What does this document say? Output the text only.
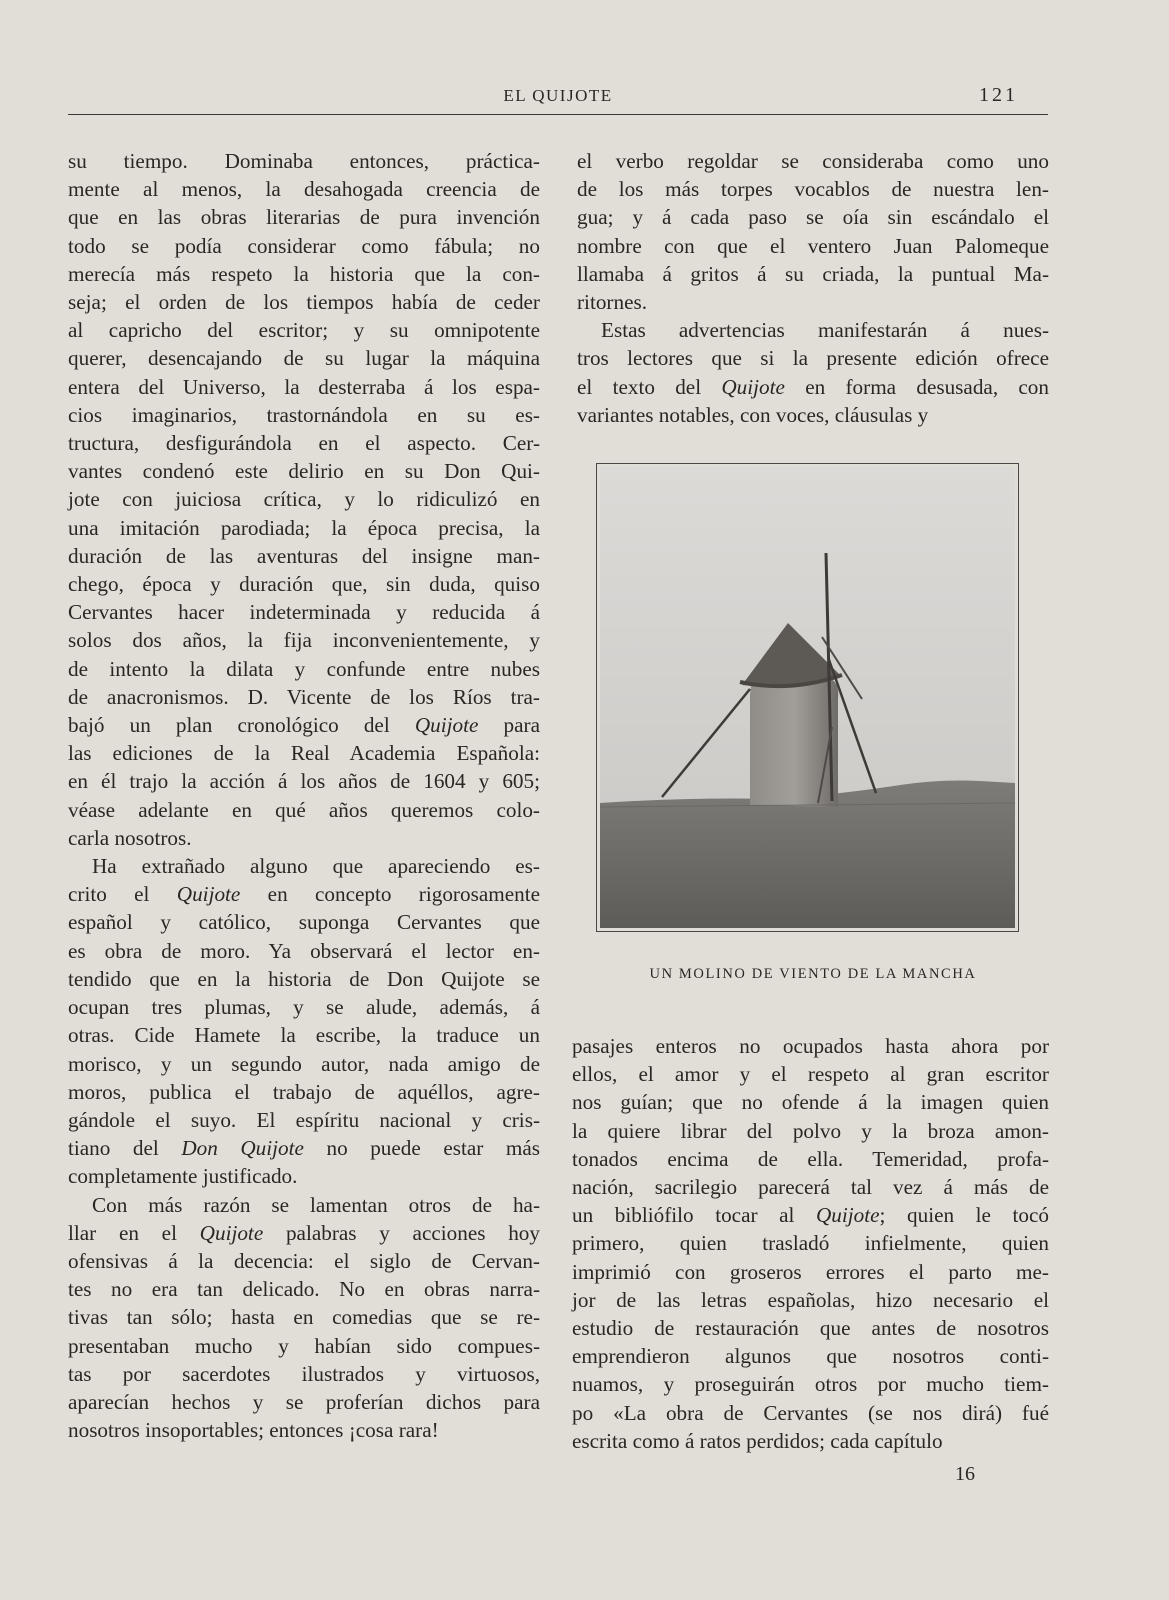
EL QUIJOTE	121

su tiempo. Dominaba entonces, práctica-
mente al menos, la desahogada creencia de
que en las obras literarias de pura invención
todo se podía considerar como fábula; no
merecía más respeto la historia que la con-
seja; el orden de los tiempos había de ceder
al capricho del escritor; y su omnipotente
querer, desencajando de su lugar la máquina
entera del Universo, la desterraba á los espa-
cios imaginarios, trastornándola en su es-
tructura, desfigurándola en el aspecto. Cer-
vantes condenó este delirio en su Don Qui-
jote con juiciosa crítica, y lo ridiculizó en
una imitación parodiada; la época precisa, la
duración de las aventuras del insigne man-
chego, época y duración que, sin duda, quiso
Cervantes hacer indeterminada y reducida á
solos dos años, la fija inconvenientemente, y
de intento la dilata y confunde entre nubes
de anacronismos. D. Vicente de los Ríos tra-
bajó un plan cronológico del Quijote para
las ediciones de la Real Academia Española:
en él trajo la acción á los años de 1604 y 605;
véase adelante en qué años queremos colo-
carla nosotros.

Ha extrañado alguno que apareciendo es-
crito el Quijote en concepto rigorosamente
español y católico, suponga Cervantes que
es obra de moro. Ya observará el lector en-
tendido que en la historia de Don Quijote se
ocupan tres plumas, y se alude, además, á
otras. Cide Hamete la escribe, la traduce un
morisco, y un segundo autor, nada amigo de
moros, publica el trabajo de aquéllos, agre-
gándole el suyo. El espíritu nacional y cris-
tiano del Don Quijote no puede estar más
completamente justificado.

Con más razón se lamentan otros de ha-
llar en el Quijote palabras y acciones hoy
ofensivas á la decencia: el siglo de Cervan-
tes no era tan delicado. No en obras narra-
tivas tan sólo; hasta en comedias que se re-
presentaban mucho y habían sido compues-
tas por sacerdotes ilustrados y virtuosos,
aparecían hechos y se proferían dichos para
nosotros insoportables; entonces ¡cosa rara!

el verbo regoldar se consideraba como uno
de los más torpes vocablos de nuestra len-
gua; y á cada paso se oía sin escándalo el
nombre con que el ventero Juan Palomeque
llamaba á gritos á su criada, la puntual Ma-
ritornes.

Estas advertencias manifestarán á nues-
tros lectores que si la presente edición ofrece
el texto del Quijote en forma desusada, con
variantes notables, con voces, cláusulas y

UN MOLINO DE VIENTO DE LA MANCHA

pasajes enteros no ocupados hasta ahora por
ellos, el amor y el respeto al gran escritor
nos guían; que no ofende á la imagen quien
la quiere librar del polvo y la broza amon-
tonados encima de ella. Temeridad, profa-
nación, sacrilegio parecerá tal vez á más de
un bibliófilo tocar al Quijote; quien le tocó
primero, quien trasladó infielmente, quien
imprimió con groseros errores el parto me-
jor de las letras españolas, hizo necesario el
estudio de restauración que antes de nosotros
emprendieron algunos que nosotros conti-
nuamos, y proseguirán otros por mucho tiem-
po «La obra de Cervantes (se nos dirá) fué
escrita como á ratos perdidos; cada capítulo

16
